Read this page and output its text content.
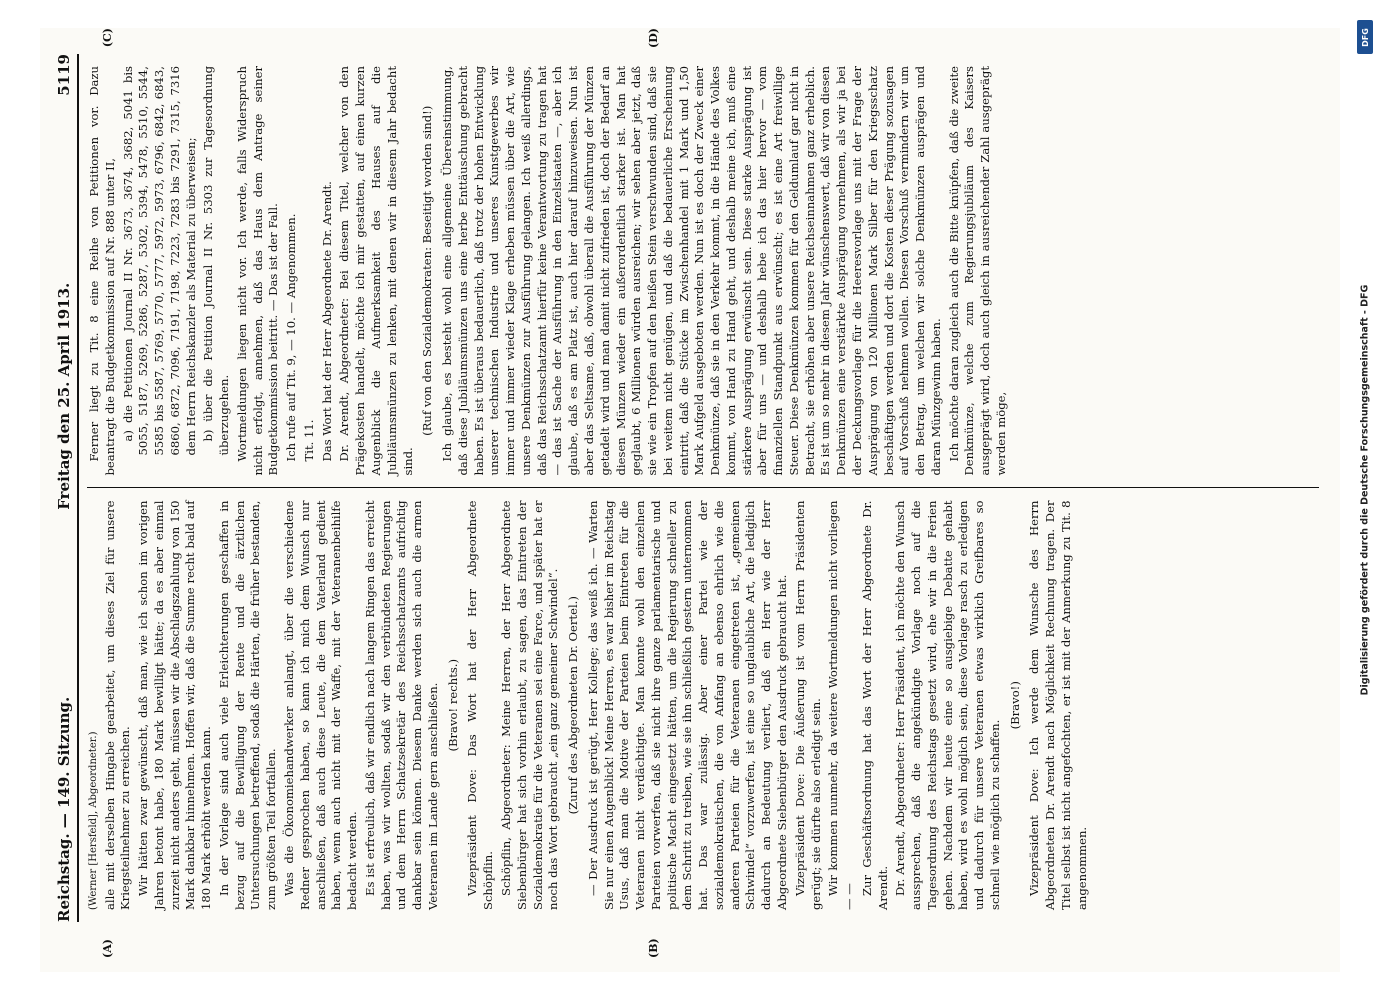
Reichstag. — 149. Sitzung.
Freitag den 25. April 1913.
5119
(A)	(B)

(Werner [Hersfeld], Abgeordneter.) alle mit derselben Hingabe gearbeitet, um dieses Ziel für unsere Kriegsteilnehmer zu erreichen. Wir hätten zwar gewünscht, daß man, wie ich schon im vorigen Jahren betont habe, 180 Mark bewilligt hätte; da es aber einmal zurzeit nicht anders geht, müssen wir die Abschlagszahlung von 150 Mark dankbar hinnehmen. Hoffen wir, daß die Summe recht bald auf 180 Mark erhöht werden kann. In der Vorlage sind auch viele Erleichterungen geschaffen in bezug auf die Bewilligung der Rente und die ärztlichen Untersuchungen betreffend, sodaß die Härten, die früher bestanden, zum größten Teil fortfallen. Was die Ökonomiehandwerker anlangt, über die verschiedene Redner gesprochen haben, so kann ich mich dem Wunsch nur anschließen, daß auch diese Leute, die dem Vaterland gedient haben, wenn auch nicht mit der Waffe, mit der Veteranenbeihilfe bedacht werden. Es ist erfreulich, daß wir endlich nach langem Ringen das erreicht haben, was wir wollten, sodaß wir den verbündeten Regierungen und dem Herrn Schatzsekretär des Reichsschatzamts aufrichtig dankbar sein können. Diesem Danke werden sich auch die armen Veteranen im Lande gern anschließen. (Bravo! rechts.) Vizepräsident Dove: Das Wort hat der Herr Abgeordnete Schöpflin. Schöpflin, Abgeordneter: Meine Herren, der Herr Abgeordnete Siebenbürger hat sich vorhin erlaubt, zu sagen, das Eintreten der Sozialdemokratie für die Veteranen sei eine Farce, und später hat er noch das Wort gebraucht „ein ganz gemeiner Schwindel“. (Zuruf des Abgeordneten Dr. Oertel.) — Der Ausdruck ist gerügt, Herr Kollege; das weiß ich. — Warten Sie nur einen Augenblick! Meine Herren, es war bisher im Reichstag Usus, daß man die Motive der Parteien beim Eintreten für die Veteranen nicht verdächtigte. Man konnte wohl den einzelnen Parteien vorwerfen, daß sie nicht ihre ganze parlamentarische und politische Macht eingesetzt hätten, um die Regierung schneller zu dem Schritt zu treiben, wie sie ihn schließlich gestern unternommen hat. Das war zulässig. Aber einer Partei wie der sozialdemokratischen, die von Anfang an ebenso ehrlich wie die anderen Parteien für die Veteranen eingetreten ist, „gemeinen Schwindel“ vorzuwerfen, ist eine so unglaubliche Art, die lediglich dadurch an Bedeutung verliert, daß ein Herr wie der Herr Abgeordnete Siebenbürger den Ausdruck gebraucht hat. Vizepräsident Dove: Die Äußerung ist vom Herrn Präsidenten gerügt; sie dürfte also erledigt sein. Wir kommen nunmehr, da weitere Wortmeldungen nicht vorliegen — —

Zur Geschäftsordnung hat das Wort der Herr Abgeordnete Dr. Arendt. Dr. Arendt, Abgeordneter: Herr Präsident, ich möchte den Wunsch aussprechen, daß die angekündigte Vorlage noch auf die Tagesordnung des Reichstags gesetzt wird, ehe wir in die Ferien gehen. Nachdem wir heute eine so ausgiebige Debatte gehabt haben, wird es wohl möglich sein, diese Vorlage rasch zu erledigen und dadurch für unsere Veteranen etwas wirklich Greifbares so schnell wie möglich zu schaffen.

(Bravo!) Vizepräsident Dove: Ich werde dem Wunsche des Herrn Abgeordneten Dr. Arendt nach Möglichkeit Rechnung tragen. Der Titel selbst ist nicht angefochten, er ist mit der Anmerkung zu Tit. 8 angenommen.

(C)	(D)

Ferner liegt zu Tit. 8 eine Reihe von Petitionen vor. Dazu beantragt die Budgetkommission auf Nr. 888 unter II, a) die Petitionen Journal II Nr. 3673, 3674, 3682, 5041 bis 5055, 5187, 5269, 5286, 5287, 5302, 5394, 5478, 5510, 5544, 5585 bis 5587, 5769, 5770, 5777, 5972, 5973, 6796, 6842, 6843, 6860, 6872, 7096, 7191, 7198, 7223, 7283 bis 7291, 7315, 7316 dem Herrn Reichskanzler als Material zu überweisen; b) über die Petition Journal II Nr. 5303 zur Tagesordnung überzugehen. Wortmeldungen liegen nicht vor. Ich werde, falls Widerspruch nicht erfolgt, annehmen, daß das Haus dem Antrage seiner Budgetkommission beitritt. — Das ist der Fall. Ich rufe auf Tit. 9, — 10. — Angenommen. Tit. 11. Das Wort hat der Herr Abgeordnete Dr. Arendt. Dr. Arendt, Abgeordneter: Bei diesem Titel, welcher von den Prägekosten handelt, möchte ich mir gestatten, auf einen kurzen Augenblick die Aufmerksamkeit des Hauses auf die Jubiläumsmünzen zu lenken, mit denen wir in diesem Jahr bedacht sind.

(Ruf von den Sozialdemokraten: Beseitigt worden sind!) Ich glaube, es besteht wohl eine allgemeine Übereinstimmung, daß diese Jubiläumsmünzen uns eine herbe Enttäuschung gebracht haben. Es ist überaus bedauerlich, daß trotz der hohen Entwicklung unserer technischen Industrie und unseres Kunstgewerbes wir immer und immer wieder Klage erheben müssen über die Art, wie unsere Denkmünzen zur Ausführung gelangen. Ich weiß allerdings, daß das Reichsschatzamt hierfür keine Verantwortung zu tragen hat — das ist Sache der Ausführung in den Einzelstaaten —, aber ich glaube, daß es am Platz ist, auch hier darauf hinzuweisen. Nun ist aber das Seltsame, daß, obwohl überall die Ausführung der Münzen getadelt wird und man damit nicht zufrieden ist, doch der Bedarf an diesen Münzen wieder ein außerordentlich starker ist. Man hat geglaubt, 6 Millionen würden ausreichen; wir sehen aber jetzt, daß sie wie ein Tropfen auf den heißen Stein verschwunden sind, daß sie bei weitem nicht genügen, und daß die bedauerliche Erscheinung eintritt, daß die Stücke im Zwischenhandel mit 1 Mark und 1,50 Mark Aufgeld ausgeboten werden. Nun ist es doch der Zweck einer Denkmünze, daß sie in den Verkehr kommt, in die Hände des Volkes kommt, von Hand zu Hand geht, und deshalb meine ich, muß eine stärkere Ausprägung erwünscht sein. Diese starke Ausprägung ist aber für uns — und deshalb hebe ich das hier hervor — vom finanziellen Standpunkt aus erwünscht; es ist eine Art freiwillige Steuer. Diese Denkmünzen kommen für den Geldumlauf gar nicht in Betracht, sie erhöhen aber unsere Reichseinnahmen ganz erheblich. Es ist um so mehr in diesem Jahr wünschenswert, daß wir von diesen Denkmünzen eine verstärkte Ausprägung vornehmen, als wir ja bei der Deckungsvorlage für die Heeresvorlage uns mit der Frage der Ausprägung von 120 Millionen Mark Silber für den Kriegsschatz beschäftigen werden und dort die Kosten dieser Prägung sozusagen auf Vorschuß nehmen wollen. Diesen Vorschuß vermindern wir um den Betrag, um welchen wir solche Denkmünzen ausprägen und daran Münzgewinn haben. Ich möchte daran zugleich auch die Bitte knüpfen, daß die zweite Denkmünze, welche zum Regierungsjubiläum des Kaisers ausgeprägt wird, doch auch gleich in ausreichender Zahl ausgeprägt werden möge,

DFG
Digitalisierung gefördert durch die Deutsche Forschungsgemeinschaft - DFG
